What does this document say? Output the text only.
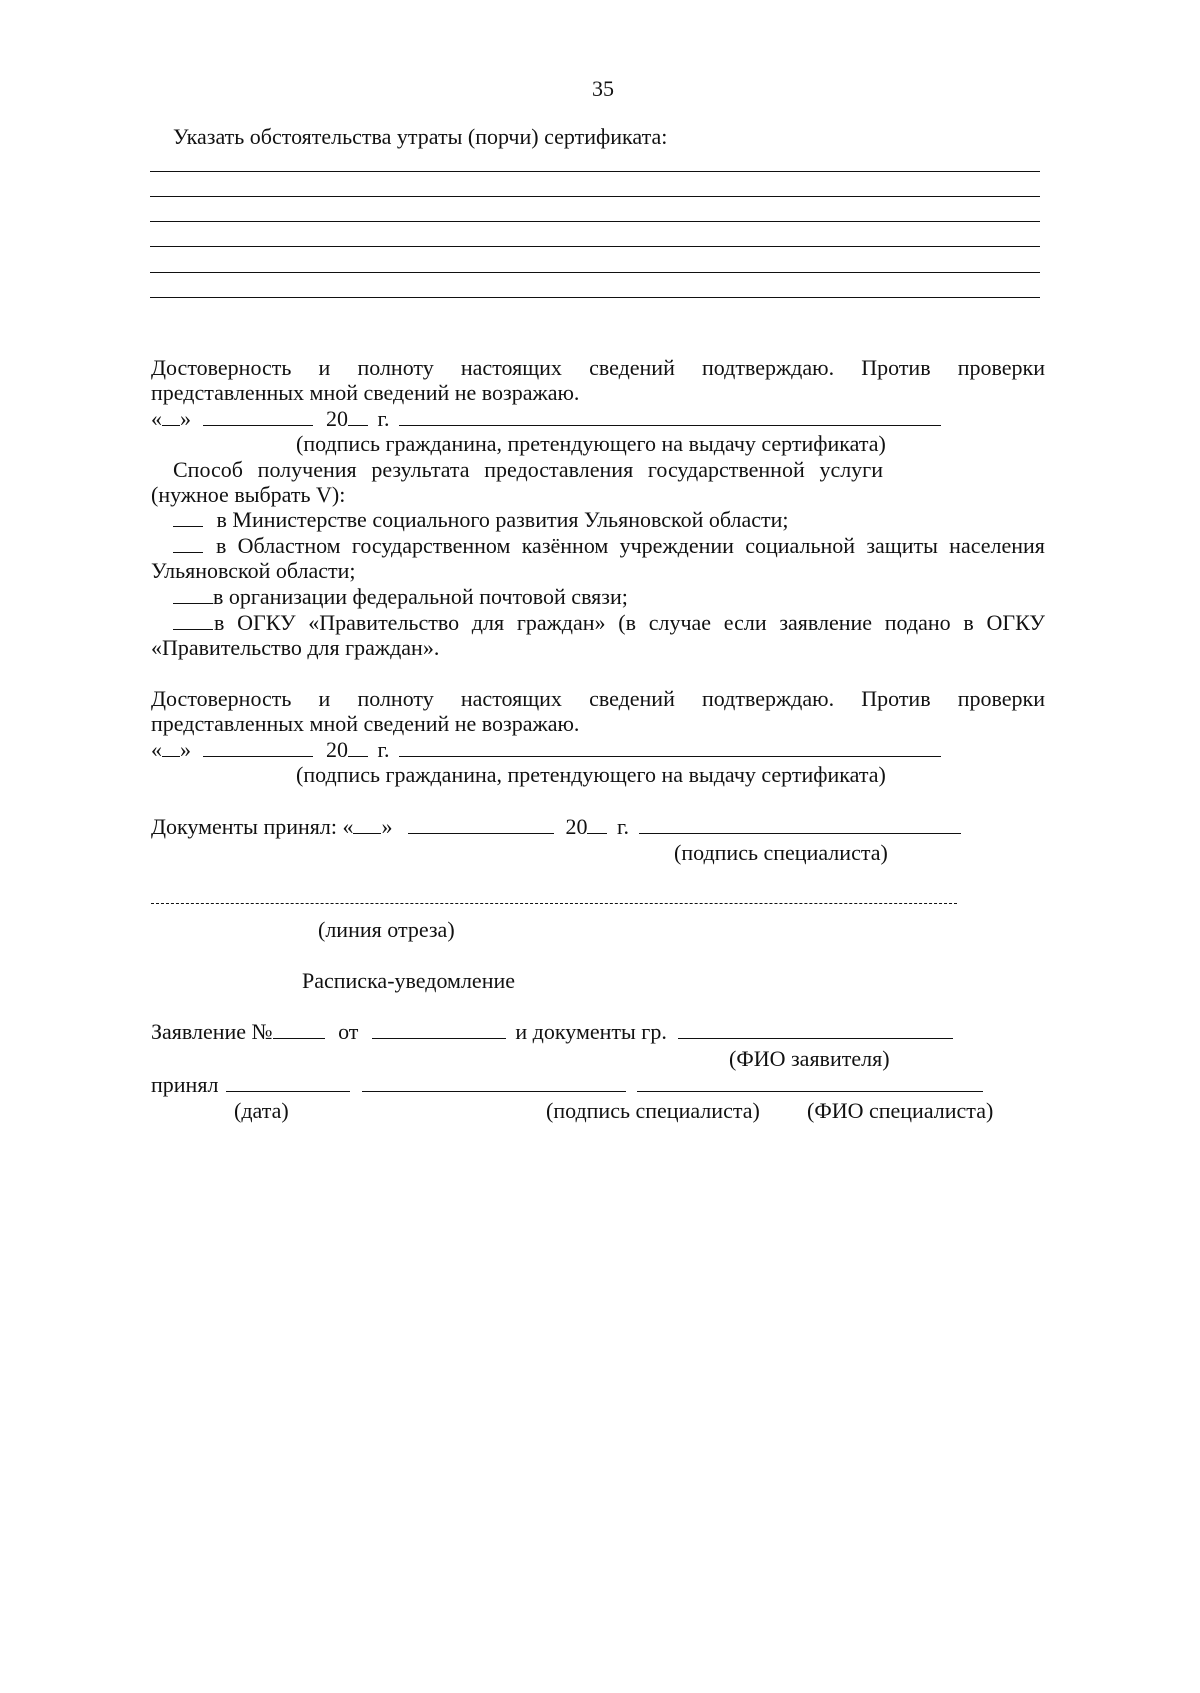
35
Указать обстоятельства утраты (порчи) сертификата:
Достоверность и полноту настоящих сведений подтверждаю. Против проверки
представленных мной сведений не возражаю.
« »	20 г.
(подпись гражданина, претендующего на выдачу сертификата)
Способ получения результата предоставления государственной услуги
(нужное выбрать V):
в Министерстве социального развития Ульяновской области;
в Областном государственном казённом учреждении социальной защиты населения
Ульяновской области;
в организации федеральной почтовой связи;
в ОГКУ «Правительство для граждан» (в случае если заявление подано в ОГКУ
«Правительство для граждан».
Достоверность и полноту настоящих сведений подтверждаю. Против проверки
представленных мной сведений не возражаю.
« »	20 г.
(подпись гражданина, претендующего на выдачу сертификата)
Документы принял: « »	20 г.
(подпись специалиста)
(линия отреза)
Расписка-уведомление
Заявление №	от	и документы гр.
(ФИО заявителя)
принял
(дата)	(подпись специалиста) (ФИО специалиста)
